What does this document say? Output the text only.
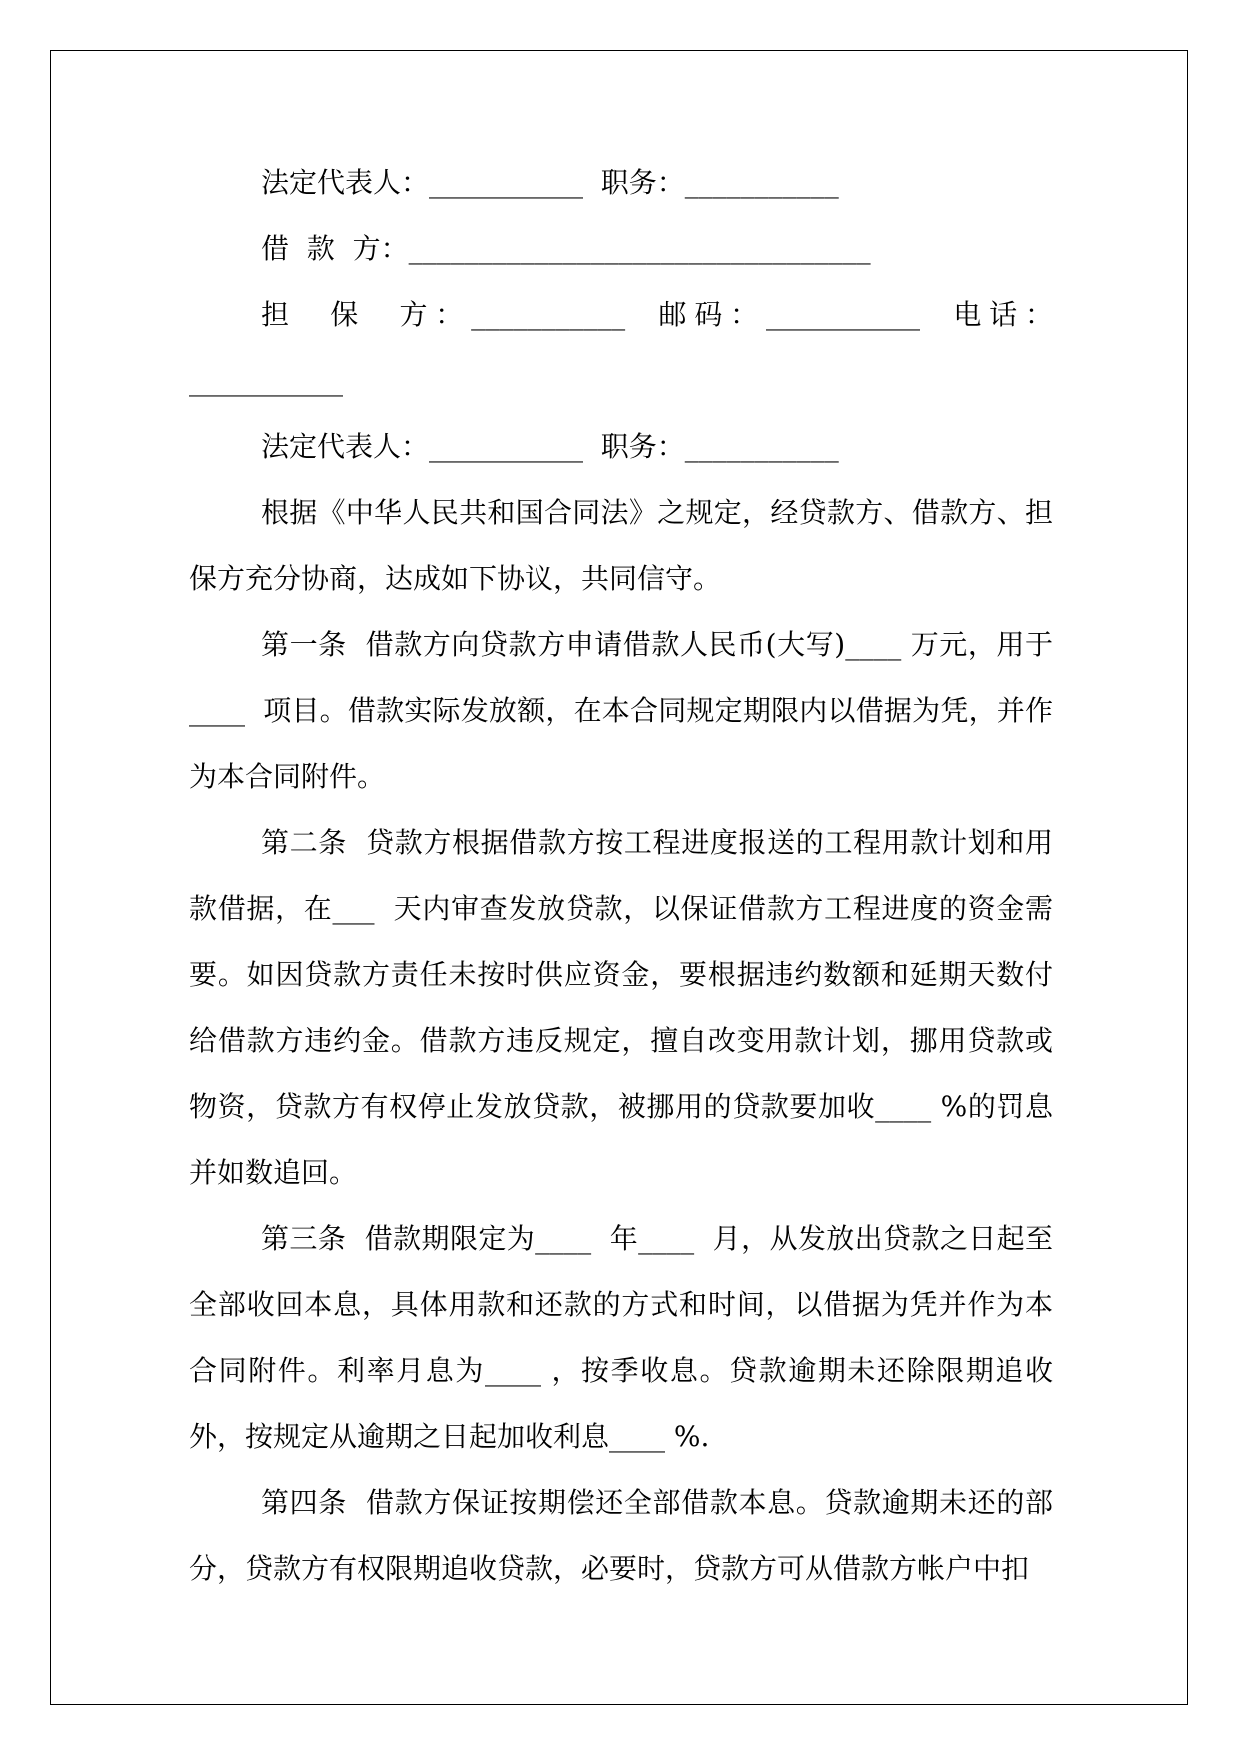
法定代表人：___________  职务：___________

借  款  方：_________________________________

担  保  方：___________  邮码：___________  电话：___________

法定代表人：___________  职务：___________

根据《中华人民共和国合同法》之规定，经贷款方、借款方、担保方充分协商，达成如下协议，共同信守。

第一条  借款方向贷款方申请借款人民币(大写)____ 万元，用于 ____  项目。借款实际发放额，在本合同规定期限内以借据为凭，并作为本合同附件。

第二条  贷款方根据借款方按工程进度报送的工程用款计划和用款借据，在___  天内审查发放贷款，以保证借款方工程进度的资金需要。如因贷款方责任未按时供应资金，要根据违约数额和延期天数付给借款方违约金。借款方违反规定，擅自改变用款计划，挪用贷款或物资，贷款方有权停止发放贷款，被挪用的贷款要加收____ %的罚息并如数追回。

第三条  借款期限定为____  年____  月，从发放出贷款之日起至全部收回本息，具体用款和还款的方式和时间，以借据为凭并作为本合同附件。利率月息为____ ，按季收息。贷款逾期未还除限期追收外，按规定从逾期之日起加收利息____ %.

第四条  借款方保证按期偿还全部借款本息。贷款逾期未还的部分，贷款方有权限期追收贷款，必要时，贷款方可从借款方帐户中扣
